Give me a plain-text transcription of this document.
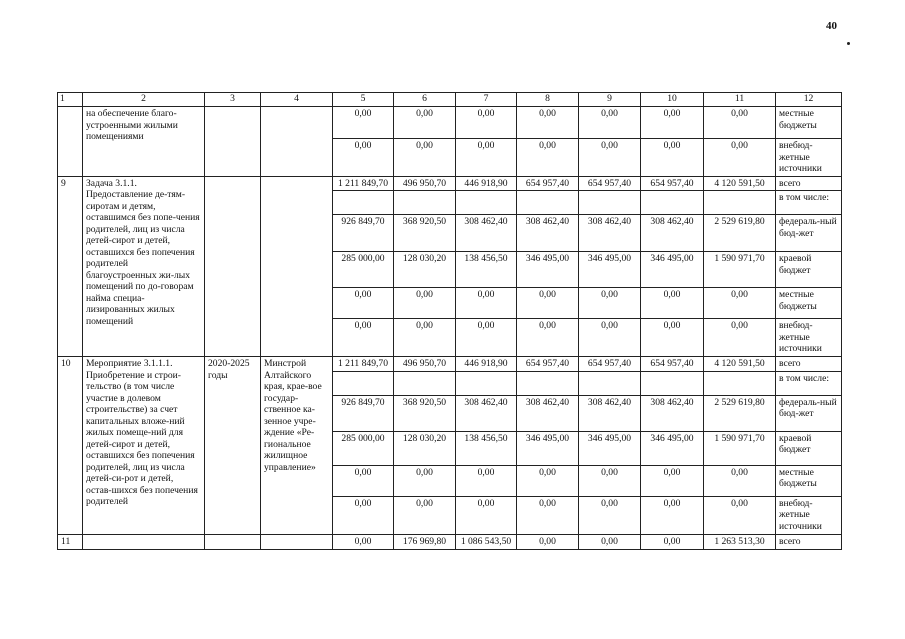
40
1	2	3	4	5	6	7	8	9	10	11	12
	на обеспечение благо-устроенными жилыми помещениями			0,00	0,00	0,00	0,00	0,00	0,00	0,00	местные бюджеты
				0,00	0,00	0,00	0,00	0,00	0,00	0,00	внебюд-жетные источники
9	Задача 3.1.1. Предоставление де-тям-сиротам и детям, оставшимся без попе-чения родителей, лиц из числа детей-сирот и детей, оставшихся без попечения родителей благоустроенных жи-лых помещений по до-говорам найма специа-лизированных жилых помещений			1 211 849,70	496 950,70	446 918,90	654 957,40	654 957,40	654 957,40	4 120 591,50	всего
											в том числе:
				926 849,70	368 920,50	308 462,40	308 462,40	308 462,40	308 462,40	2 529 619,80	федераль-ный бюд-жет
				285 000,00	128 030,20	138 456,50	346 495,00	346 495,00	346 495,00	1 590 971,70	краевой бюджет
				0,00	0,00	0,00	0,00	0,00	0,00	0,00	местные бюджеты
				0,00	0,00	0,00	0,00	0,00	0,00	0,00	внебюд-жетные источники
10	Мероприятие 3.1.1.1. Приобретение и строи-тельство (в том числе участие в долевом строительстве) за счет капитальных вложе-ний жилых помеще-ний для детей-сирот и детей, оставшихся без попечения родителей, лиц из числа детей-си-рот и детей, остав-шихся без попечения родителей	2020-2025 годы	Минстрой Алтайского края, крае-вое государ-ственное ка-зенное учре-ждение «Ре-гиональное жилищное управление»	1 211 849,70	496 950,70	446 918,90	654 957,40	654 957,40	654 957,40	4 120 591,50	всего
											в том числе:
				926 849,70	368 920,50	308 462,40	308 462,40	308 462,40	308 462,40	2 529 619,80	федераль-ный бюд-жет
				285 000,00	128 030,20	138 456,50	346 495,00	346 495,00	346 495,00	1 590 971,70	краевой бюджет
				0,00	0,00	0,00	0,00	0,00	0,00	0,00	местные бюджеты
				0,00	0,00	0,00	0,00	0,00	0,00	0,00	внебюд-жетные источники
11				0,00	176 969,80	1 086 543,50	0,00	0,00	0,00	1 263 513,30	всего
